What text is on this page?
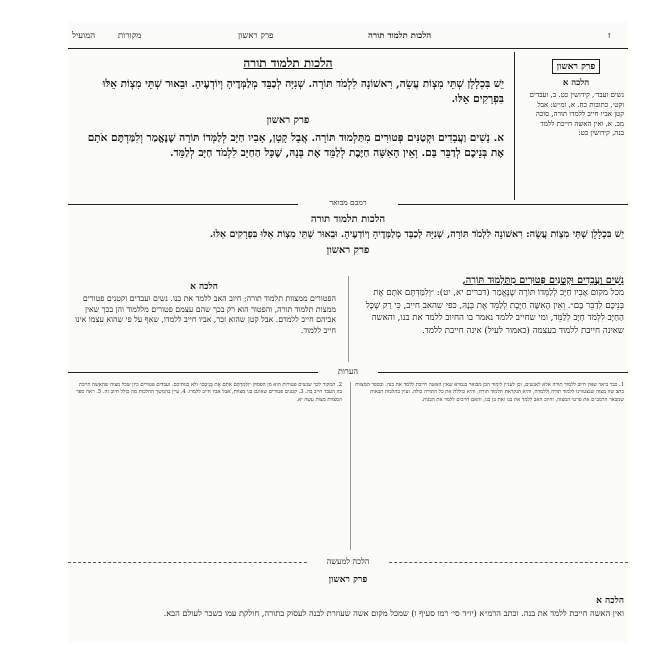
המועיל	מקורות	פרק ראשון	הלכות תלמוד תורה	ז
פרק ראשון
הלכה א
נשים ועבד׳, קידושין כט. ב, ועבדים וקט׳, כתובות כח. א, ומ״ש: אבל קטן אביו חייב ללמדו תורה, סוכה מב. א, ואין האשה חייבת ללמד בנה, קידושין כט:
הלכות תלמוד תורה
יֵשׁ בִּכְלָלָן שְׁתֵּי מִצְוֹת עֲשֵׂה, רִאשׁוֹנָה לִלְמֹד תּוֹרָה. שְׁנִיָּה לְכַבֵּד מְלַמְּדֶיהָ וְיוֹדְעֶיהָ. וּבֵאוּר שְׁתֵּי מִצְוֹת אֵלּוּ בִּפְרָקִים אֵלּוּ.
פרק ראשון
א. נָשִׁים וַעֲבָדִים וּקְטַנִּים פְּטוּרִים מִתַּלְמוּד תּוֹרָה. אֲבָל קָטָן, אָבִיו חַיָּב לְלַמְּדוֹ תּוֹרָה שֶׁנֶּאֱמַר וְלִמַּדְתֶּם אֹתָם אֶת בְּנֵיכֶם לְדַבֵּר בָּם. וְאֵין הָאִשָּׁה חַיֶּבֶת לְלַמֵּד אֶת בְּנָהּ, שֶׁכָּל הַחַיָּב לִלְמֹד חַיָּב לְלַמֵּד.
רמבם מבואר
הלכות תלמוד תורה
יֵשׁ בִּכְלָלָן שְׁתֵּי מִצְוֹת עֲשֵׂה: רִאשׁוֹנָה לִלְמֹד תּוֹרָה, שְׁנִיָּה לְכַבֵּד מְלַמְּדֶיהָ וְיוֹדְעֶיהָ. וּבֵאוּר שְׁתֵּי מִצְוֹת אֵלּוּ בִּפְרָקִים אֵלּוּ.
פרק ראשון
נָשִׁים וַעֲבָדִים וּקְטַנִּים פְּטוּרִים מִתַּלְמוּד תּוֹרָה,
מכל מקום אָבִיו חַיָּב לְלַמְּדוֹ תּוֹרָה שֶׁנֶּאֱמַר (דברים יא, יט): ״וְלִמַּדְתֶּם אֹתָם אֶת בְּנֵיכֶם לְדַבֵּר בָּם״. וְאֵין הָאִשָּׁה חַיֶּבֶת לְלַמֵּד אֶת בְּנָהּ, כפי שהאב חייב, כִּי רַק שֶׁכָּל הַחַיָּב לִלְמֹד חַיָּב לְלַמֵּד, ומי שחייב ללמד נאמר בו החיוב ללמד את בנו, והאשה שאינה חייבת ללמוד בעצמה (כאמור לעיל) אינה חייבת ללמד.
הלכה א
הפטורים ממצוות תלמוד תורה; חיוב האב ללמד את בנו. נשים ועבדים וקטנים פטורים ממצות תלמוד תורה, והפטור הוא רק בכך שהם עצמם פטורים מללמוד והן בכך שאין אביהם חייב ללמדם. אבל קטן שהוא זכר, אביו חייב ללמדו, שאף על פי שהוא עצמו אינו חייב ללמוד.
הערות
1. כבר ביאר שאין חיוב ללמוד תורה אלא לאנשים, וכן לעניין לימוד הבן מבואר בגמרא שאין האשה חייבת ללמד את בנה. ובספר המצוות כתב שזו מצוה שנצטווינו ללמוד תורה וללמדה, והיא הנקראת תלמוד תורה, והיא כוללת את כל התורה כולה. ועיין בהלכות הבאות שמבאר הרמב״ם את פרטי המצוה, וחיוב האב ללמד את בנו ואת בן בנו, והאם חייבים ללמד את הבנות.
2. המקור לכך שנשים פטורות הוא מן הפסוק ״וְלִמַּדְתֶּם אֹתָם אֶת בְּנֵיכֶם״ ולא בנותיכם. ועבדים פטורים כיון שכל מצוה שהאשה חייבת בה העבד חייב בה. 3. קטנים פטורים שאינם בני מצוות, אבל אביו חייב ללמדו. 4. עיין בהמשך ההלכות מה כולל חיוב זה. 5. ראה ספר המצוות מצות עשה יא.
הלכה למעשה
פרק ראשון
הלכה א
ואין האשה חייבת ללמד את בנה. וכתב הרמ״א (יו״ד סי׳ רמו סעיף ו) שמכל מקום אשה שעוזרת לבנה לעסוק בתורה, חולקת עמו בשכר לעולם הבא.
